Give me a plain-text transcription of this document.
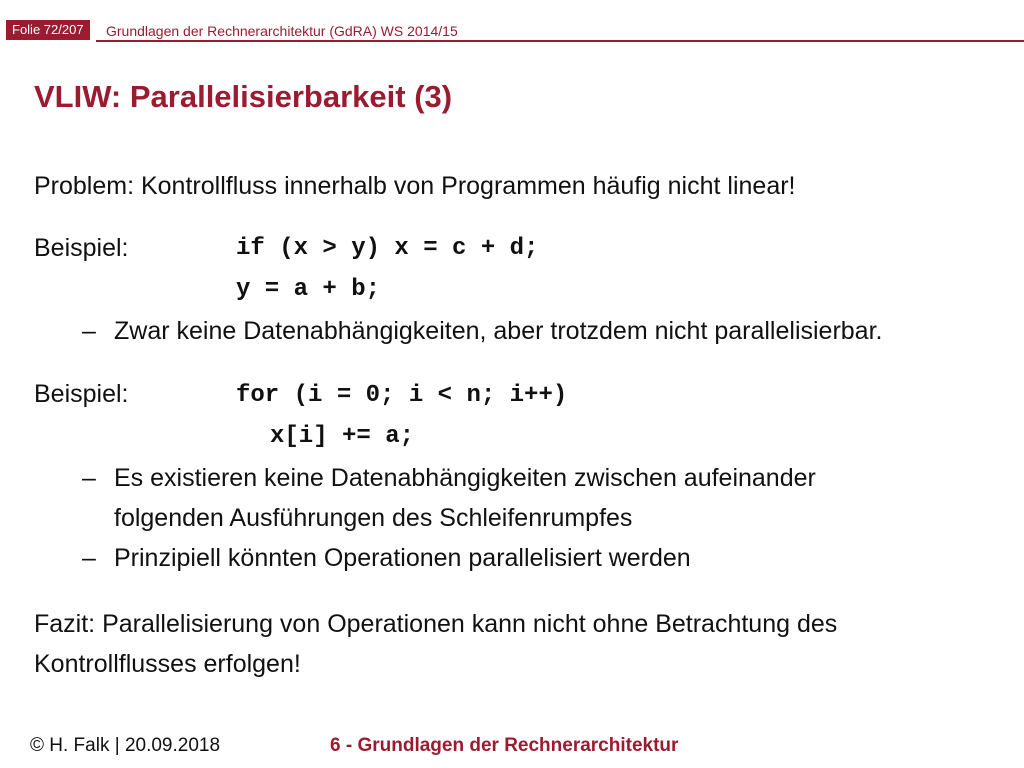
Folie 72/207	Grundlagen der Rechnerarchitektur (GdRA) WS 2014/15
VLIW: Parallelisierbarkeit (3)

Problem: Kontrollfluss innerhalb von Programmen häufig nicht linear!

Beispiel:	if (x > y) x = c + d;

y = a + b;

– Zwar keine Datenabhängigkeiten, aber trotzdem nicht parallelisierbar.

Beispiel:	for (i = 0; i < n; i++)

x[i] += a;

– Es existieren keine Datenabhängigkeiten zwischen aufeinander

folgenden Ausführungen des Schleifenrumpfes

– Prinzipiell könnten Operationen parallelisiert werden

Fazit: Parallelisierung von Operationen kann nicht ohne Betrachtung des

Kontrollflusses erfolgen!

© H. Falk | 20.09.2018	6 - Grundlagen der Rechnerarchitektur
